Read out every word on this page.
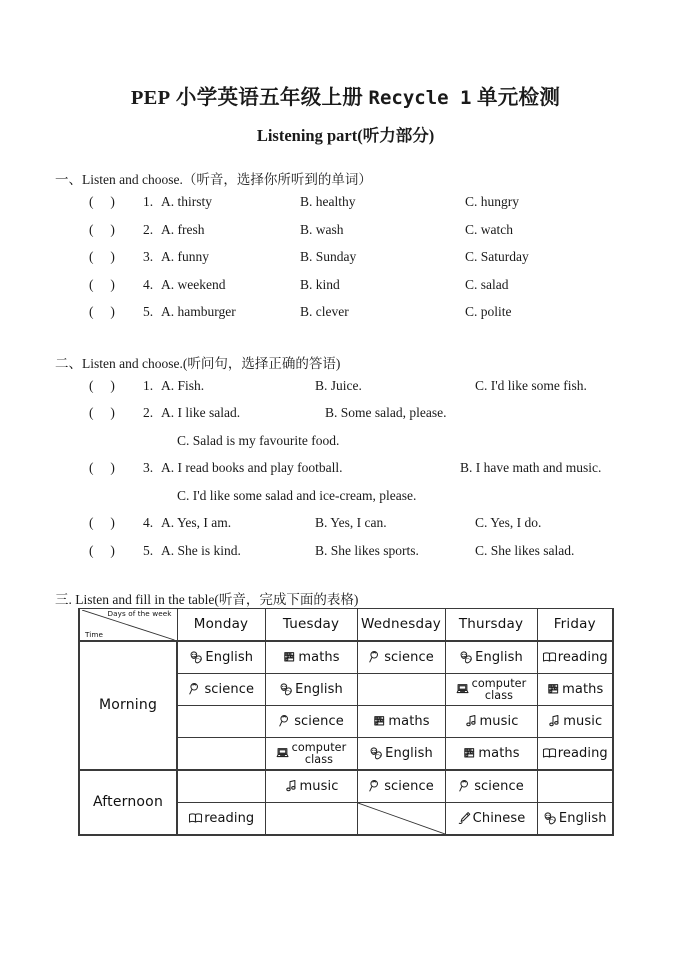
PEP 小学英语五年级上册 Recycle 1 单元检测
Listening part(听力部分)
一、Listen and choose.（听音，选择你所听到的单词）
(     ) 1. A. thirsty	B. healthy	C. hungry
(     ) 2. A. fresh	B. wash	C. watch
(     ) 3. A. funny	B. Sunday	C. Saturday
(     ) 4. A. weekend	B. kind	C. salad
(     ) 5. A. hamburger	B. clever	C. polite
二、Listen and choose.(听问句，选择正确的答语)
(     ) 1. A. Fish.	B. Juice.	C. I'd like some fish.
(     ) 2. A. I like salad.	B. Some salad, please.
C. Salad is my favourite food.
(     ) 3. A. I read books and play football.	B. I have math and music.
C. I'd like some salad and ice-cream, please.
(     ) 4. A. Yes, I am.	B. Yes, I can.	C. Yes, I do.
(     ) 5. A. She is kind.	B. She likes sports.	C. She likes salad.
三. Listen and fill in the table(听音，完成下面的表格)
Days of the week
Time	Monday	Tuesday	Wednesday	Thursday	Friday
Morning	English	maths	science	English	reading

	science	English		computer
class	maths

		science	maths	music	music

		computer
class	English	maths	reading

Afternoon		music	science	science	

	reading			Chinese	English
